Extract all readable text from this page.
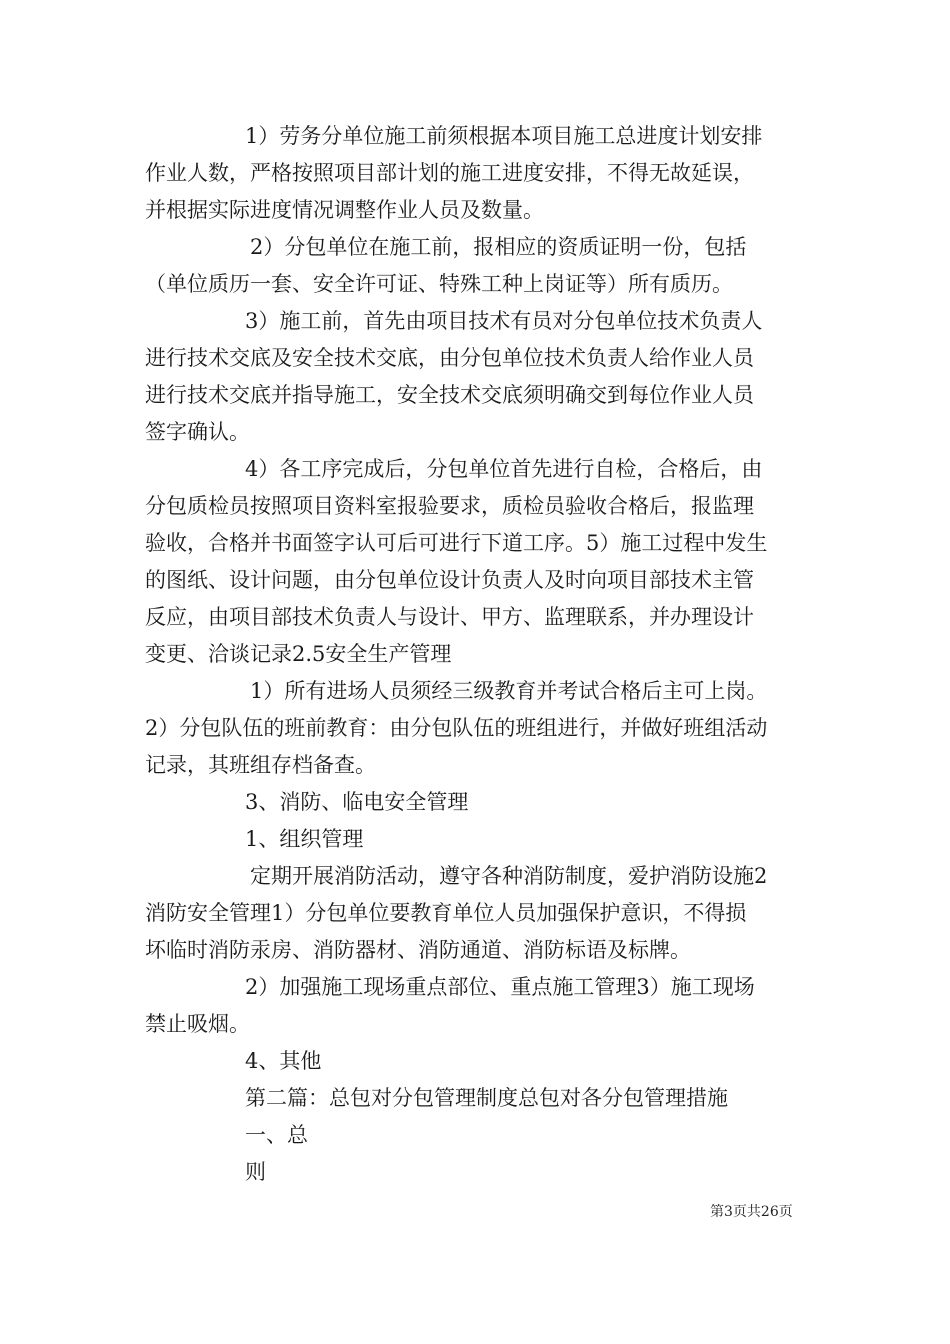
1）劳务分单位施工前须根据本项目施工总进度计划安排
作业人数，严格按照项目部计划的施工进度安排，不得无故延误，
并根据实际进度情况调整作业人员及数量。
2）分包单位在施工前，报相应的资质证明一份，包括
（单位质历一套、安全许可证、特殊工种上岗证等）所有质历。
3）施工前，首先由项目技术有员对分包单位技术负责人
进行技术交底及安全技术交底，由分包单位技术负责人给作业人员
进行技术交底并指导施工，安全技术交底须明确交到每位作业人员
签字确认。
4）各工序完成后，分包单位首先进行自检，合格后，由
分包质检员按照项目资料室报验要求，质检员验收合格后，报监理
验收，合格并书面签字认可后可进行下道工序。5）施工过程中发生
的图纸、设计问题，由分包单位设计负责人及时向项目部技术主管
反应，由项目部技术负责人与设计、甲方、监理联系，并办理设计
变更、洽谈记录2.5安全生产管理
1）所有进场人员须经三级教育并考试合格后主可上岗。
2）分包队伍的班前教育：由分包队伍的班组进行，并做好班组活动
记录，其班组存档备查。
3、消防、临电安全管理
1、组织管理
定期开展消防活动，遵守各种消防制度，爱护消防设施2
消防安全管理1）分包单位要教育单位人员加强保护意识，不得损
坏临时消防汞房、消防器材、消防通道、消防标语及标牌。
2）加强施工现场重点部位、重点施工管理3）施工现场
禁止吸烟。
4、其他
第二篇：总包对分包管理制度总包对各分包管理措施
一、总
则
第3页共26页
